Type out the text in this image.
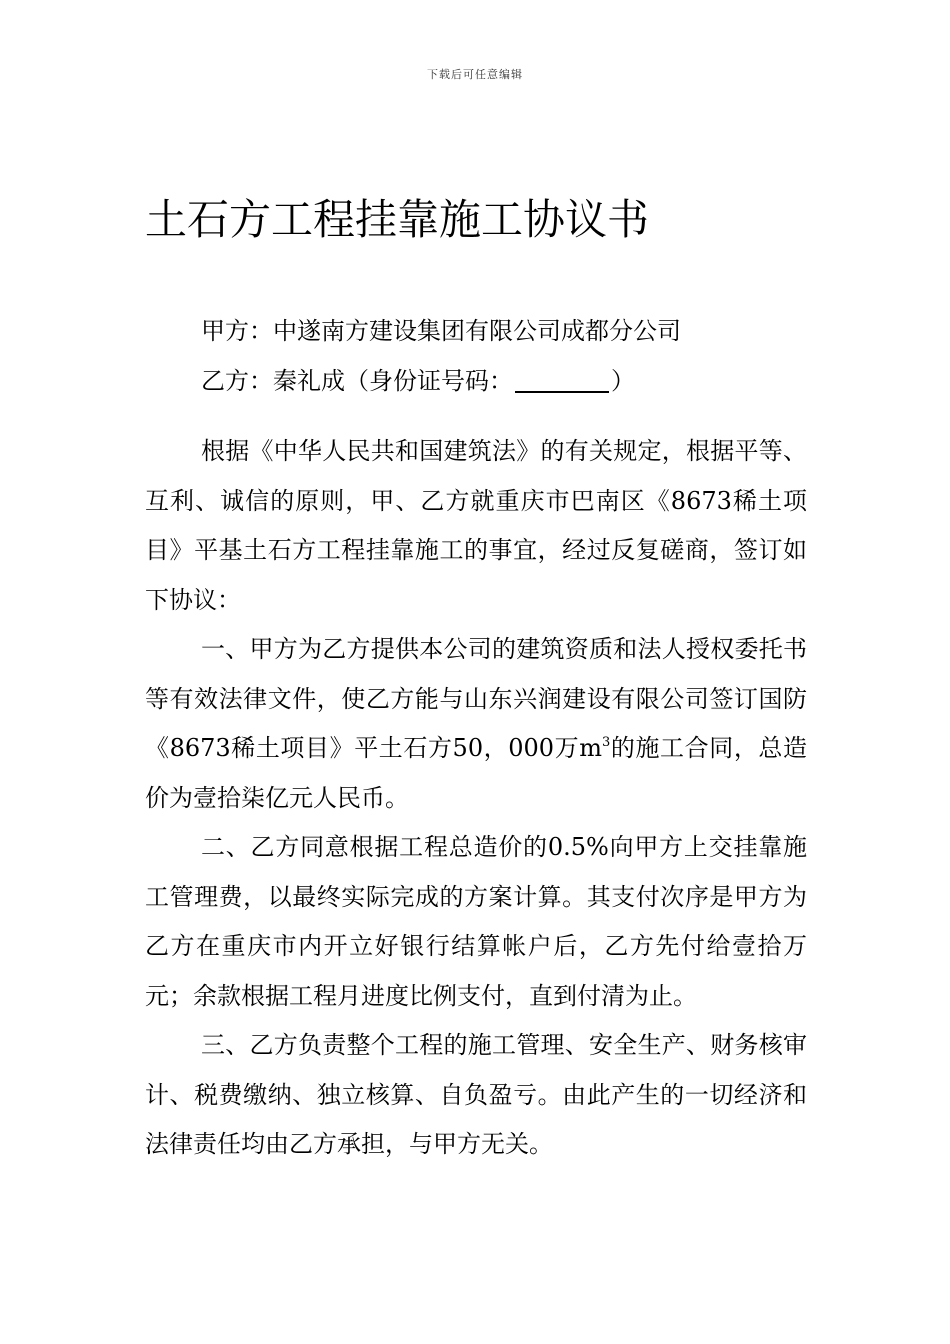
下载后可任意编辑
土石方工程挂靠施工协议书
甲方：中遂南方建设集团有限公司成都分公司
乙方：秦礼成（身份证号码：	）

根据《中华人民共和国建筑法》的有关规定，根据平等、互利、诚信的原则，甲、乙方就重庆市巴南区《8673稀土项目》平基土石方工程挂靠施工的事宜，经过反复磋商，签订如下协议：

一、甲方为乙方提供本公司的建筑资质和法人授权委托书等有效法律文件，使乙方能与山东兴润建设有限公司签订国防《8673稀土项目》平土石方50，000万$m^3$的施工合同，总造价为壹拾柒亿元人民币。

二、乙方同意根据工程总造价的0.5%向甲方上交挂靠施工管理费，以最终实际完成的方案计算。其支付次序是甲方为乙方在重庆市内开立好银行结算帐户后，乙方先付给壹拾万元；余款根据工程月进度比例支付，直到付清为止。

三、乙方负责整个工程的施工管理、安全生产、财务核审计、税费缴纳、独立核算、自负盈亏。由此产生的一切经济和法律责任均由乙方承担，与甲方无关。
